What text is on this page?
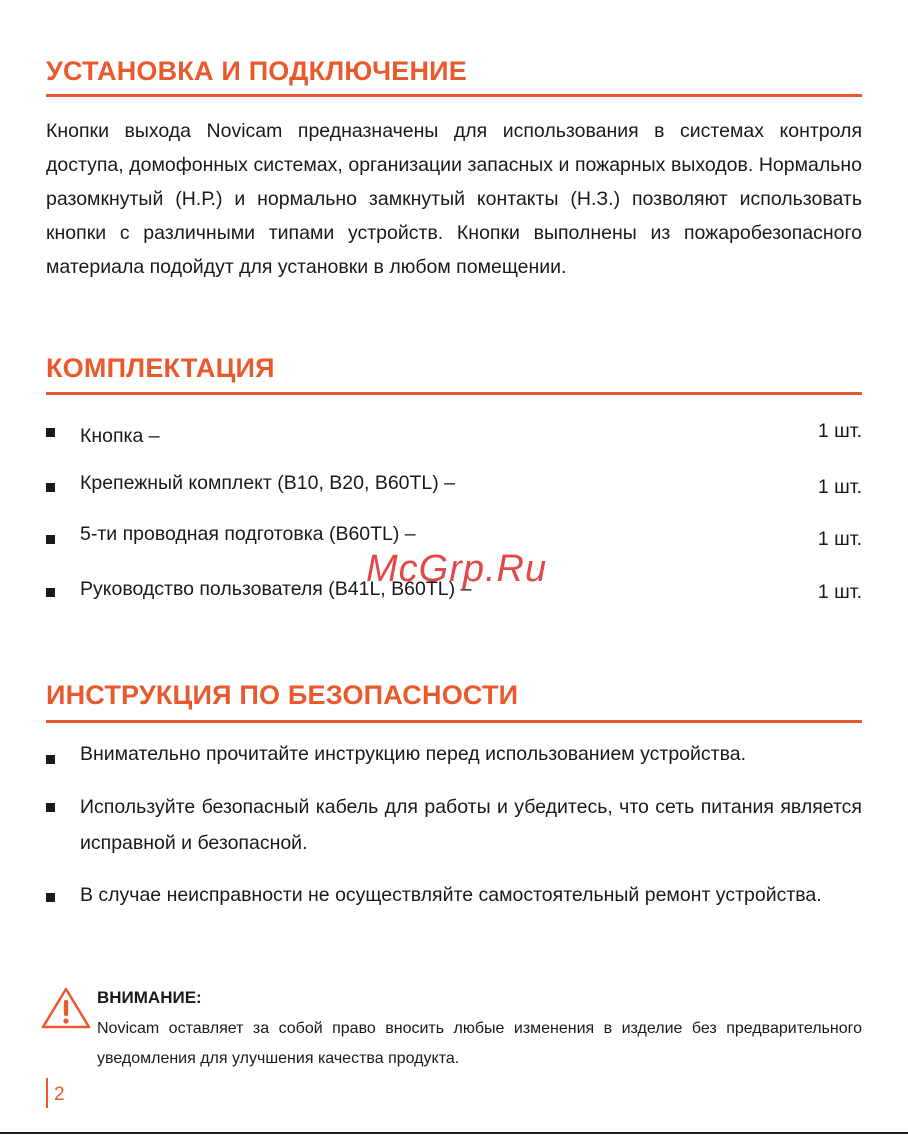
УСТАНОВКА И ПОДКЛЮЧЕНИЕ

Кнопки выхода Novicam предназначены для использования в системах контроля доступа, домофонных системах, организации запасных и пожарных выходов. Нормально разомкнутый (Н.Р.) и нормально замкнутый контакты (Н.З.) позволяют использовать кнопки с различными типами устройств. Кнопки выполнены из пожаробезопасного материала подойдут для установки в любом помещении.

КОМПЛЕКТАЦИЯ
Кнопка –	1 шт.
Крепежный комплект (B10, B20, B60TL) –	1 шт.
5-ти проводная подготовка (B60TL) –	1 шт.
Руководство пользователя (B41L, B60TL) –	1 шт.
ИНСТРУКЦИЯ ПО БЕЗОПАСНОСТИ

Внимательно прочитайте инструкцию перед использованием устройства.

Используйте безопасный кабель для работы и убедитесь, что сеть питания является исправной и безопасной.

В случае неисправности не осуществляйте самостоятельный ремонт устройства.

ВНИМАНИЕ:

Novicam оставляет за собой право вносить любые изменения в изделие без предварительного уведомления для улучшения качества продукта.

2
McGrp.Ru
